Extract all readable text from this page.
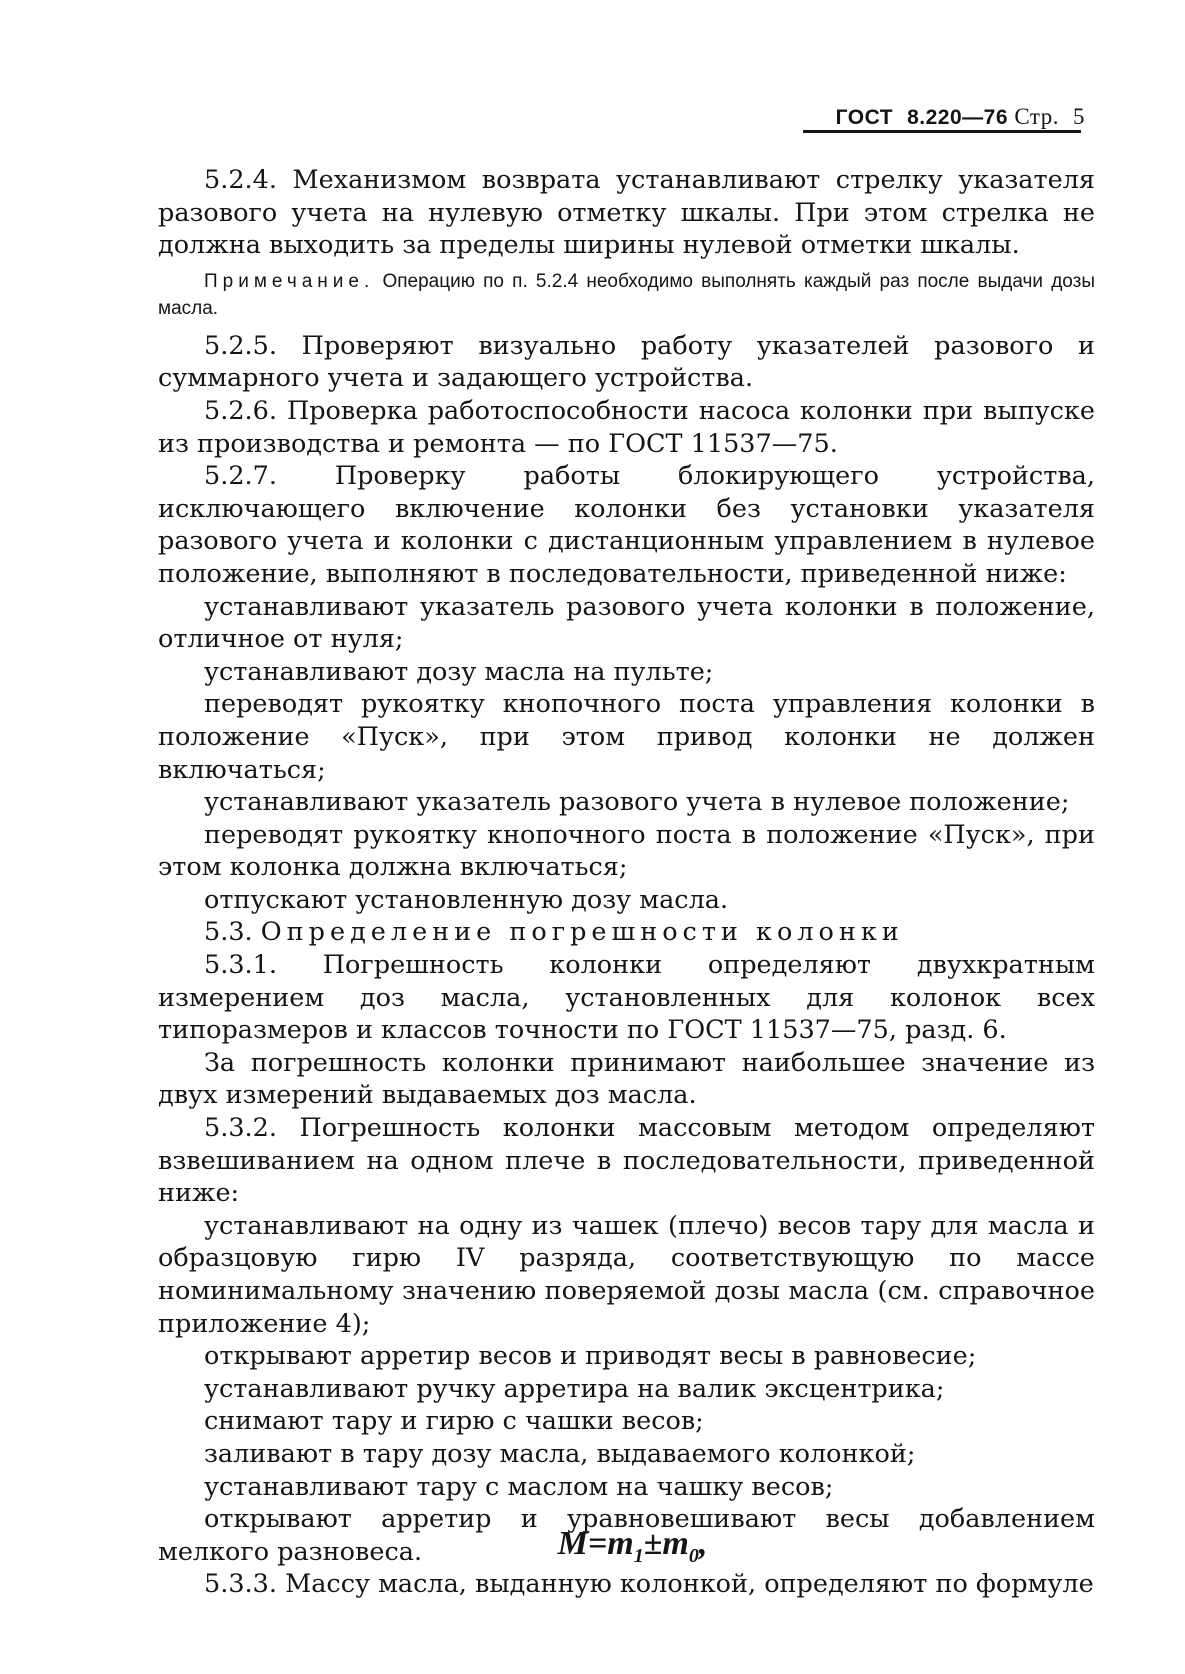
ГОСТ 8.220—76 Стр. 5

5.2.4. Механизмом возврата устанавливают стрелку указателя разового учета на нулевую отметку шкалы. При этом стрелка не должна выходить за пределы ширины нулевой отметки шкалы.

Примечание. Операцию по п. 5.2.4 необходимо выполнять каждый раз после выдачи дозы масла.

5.2.5. Проверяют визуально работу указателей разового и суммарного учета и задающего устройства.

5.2.6. Проверка работоспособности насоса колонки при выпуске из производства и ремонта — по ГОСТ 11537—75.

5.2.7. Проверку работы блокирующего устройства, исключающего включение колонки без установки указателя разового учета и колонки с дистанционным управлением в нулевое положение, выполняют в последовательности, приведенной ниже:

устанавливают указатель разового учета колонки в положение, отличное от нуля;

устанавливают дозу масла на пульте;

переводят рукоятку кнопочного поста управления колонки в положение «Пуск», при этом привод колонки не должен включаться;

устанавливают указатель разового учета в нулевое положение;

переводят рукоятку кнопочного поста в положение «Пуск», при этом колонка должна включаться;

отпускают установленную дозу масла.

5.3. Определение погрешности колонки

5.3.1. Погрешность колонки определяют двухкратным измерением доз масла, установленных для колонок всех типоразмеров и классов точности по ГОСТ 11537—75, разд. 6.

За погрешность колонки принимают наибольшее значение из двух измерений выдаваемых доз масла.

5.3.2. Погрешность колонки массовым методом определяют взвешиванием на одном плече в последовательности, приведенной ниже:

устанавливают на одну из чашек (плечо) весов тару для масла и образцовую гирю IV разряда, соответствующую по массе номинимальному значению поверяемой дозы масла (см. справочное приложение 4);

открывают арретир весов и приводят весы в равновесие;

устанавливают ручку арретира на валик эксцентрика;

снимают тару и гирю с чашки весов;

заливают в тару дозу масла, выдаваемого колонкой;

устанавливают тару с маслом на чашку весов;

открывают арретир и уравновешивают весы добавлением мелкого разновеса.

5.3.3. Массу масла, выданную колонкой, определяют по формуле

$M=m_1\pm m_0$,
